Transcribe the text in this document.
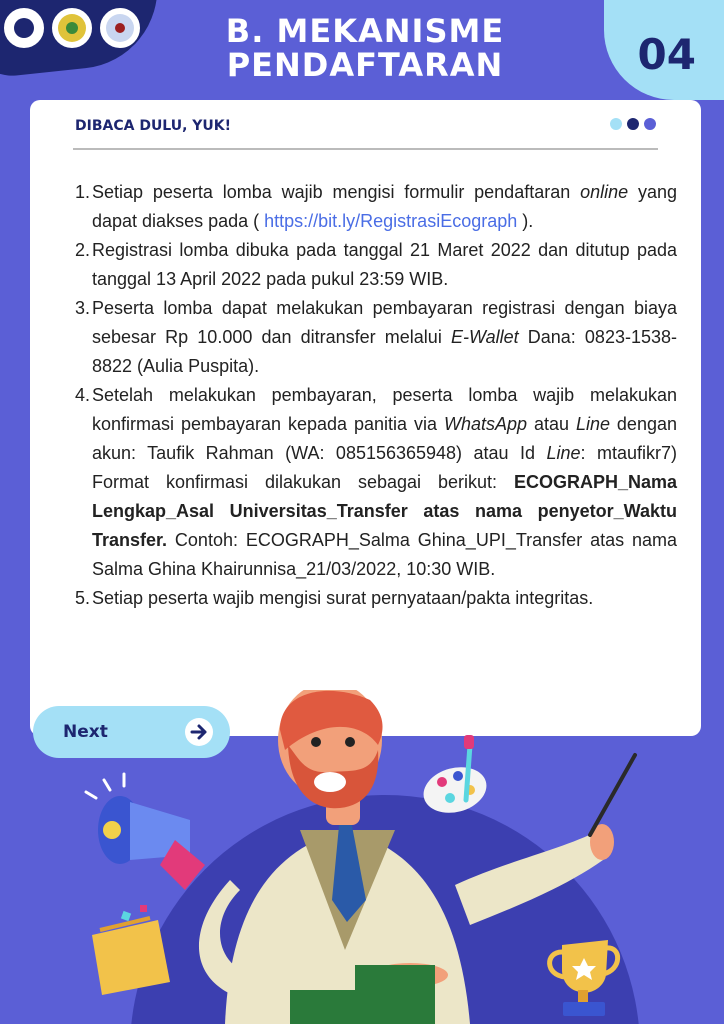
B. MEKANISME
PENDAFTARAN	04
DIBACA DULU, YUK!
1. Setiap peserta lomba wajib mengisi formulir pendaftaran online yang dapat diakses pada ( https://bit.ly/RegistrasiEcograph ).
2. Registrasi lomba dibuka pada tanggal 21 Maret 2022 dan ditutup pada tanggal 13 April 2022 pada pukul 23:59 WIB.
3. Peserta lomba dapat melakukan pembayaran registrasi dengan biaya sebesar Rp 10.000 dan ditransfer melalui E-Wallet Dana: 0823-1538-8822 (Aulia Puspita).
4. Setelah melakukan pembayaran, peserta lomba wajib melakukan konfirmasi pembayaran kepada panitia via WhatsApp atau Line dengan akun: Taufik Rahman (WA: 085156365948) atau Id Line: mtaufikr7) Format konfirmasi dilakukan sebagai berikut: ECOGRAPH_Nama Lengkap_Asal Universitas_Transfer atas nama penyetor_Waktu Transfer. Contoh: ECOGRAPH_Salma Ghina_UPI_Transfer atas nama Salma Ghina Khairunnisa_21/03/2022, 10:30 WIB.
5. Setiap peserta wajib mengisi surat pernyataan/pakta integritas.
Next
